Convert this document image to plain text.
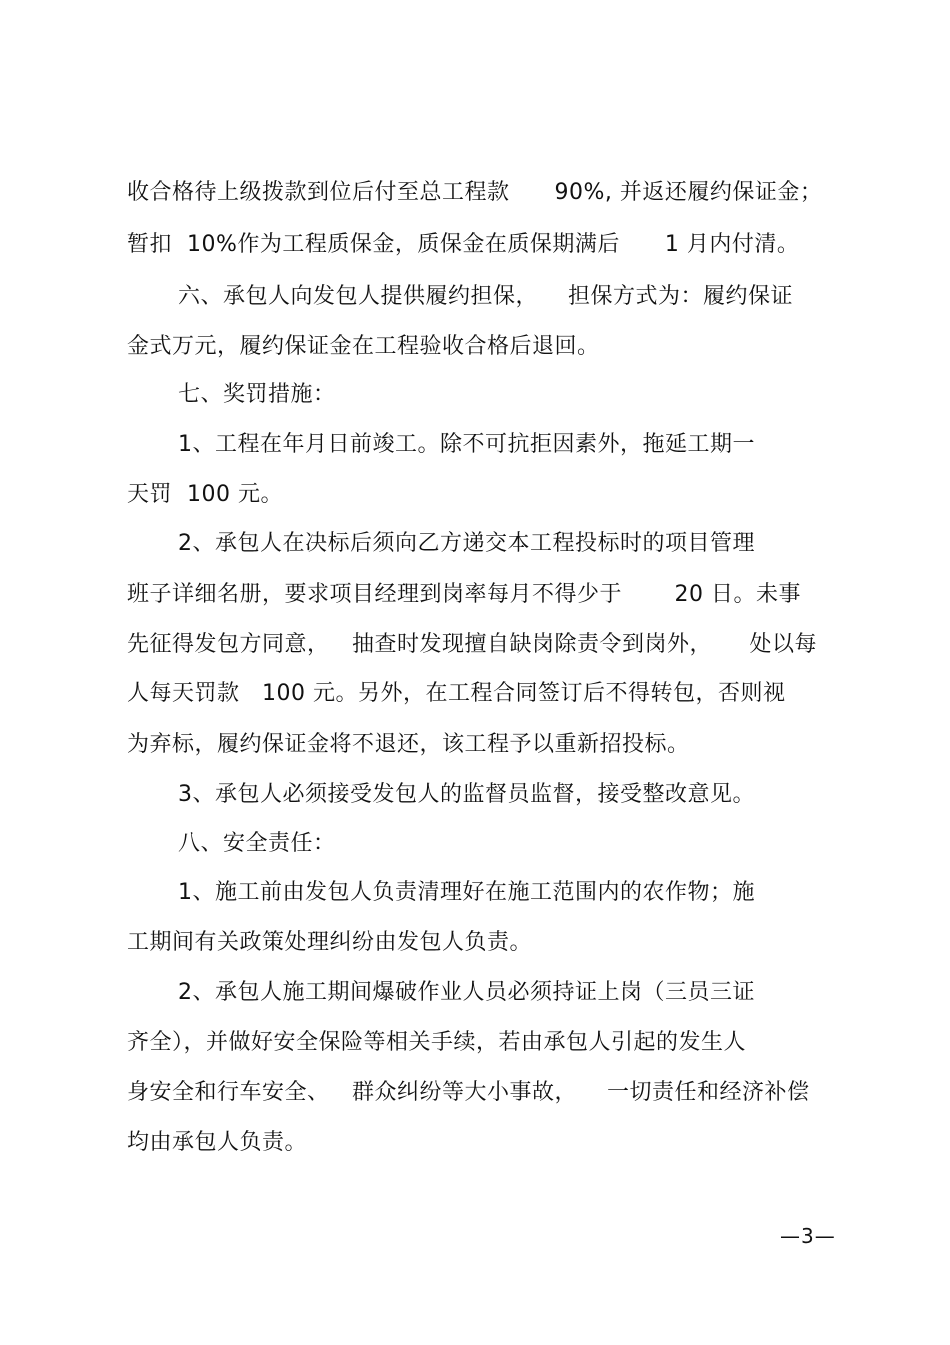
收合格待上级拨款到位后付至总工程款      90%, 并返还履约保证金；
暂扣  10%作为工程质保金，质保金在质保期满后      1 月内付清。
六、承包人向发包人提供履约担保，    担保方式为：履约保证
金式万元，履约保证金在工程验收合格后退回。
七、奖罚措施：
1、工程在年月日前竣工。除不可抗拒因素外，拖延工期一
天罚  100 元。
2、承包人在决标后须向乙方递交本工程投标时的项目管理
班子详细名册，要求项目经理到岗率每月不得少于       20 日。未事
先征得发包方同意，   抽查时发现擅自缺岗除责令到岗外，     处以每
人每天罚款   100 元。另外，在工程合同签订后不得转包，否则视
为弃标，履约保证金将不退还，该工程予以重新招投标。
3、承包人必须接受发包人的监督员监督，接受整改意见。
八、安全责任：
1、施工前由发包人负责清理好在施工范围内的农作物；施
工期间有关政策处理纠纷由发包人负责。
2、承包人施工期间爆破作业人员必须持证上岗（三员三证
齐全），并做好安全保险等相关手续，若由承包人引起的发生人
身安全和行车安全、   群众纠纷等大小事故，    一切责任和经济补偿
均由承包人负责。
—3—
